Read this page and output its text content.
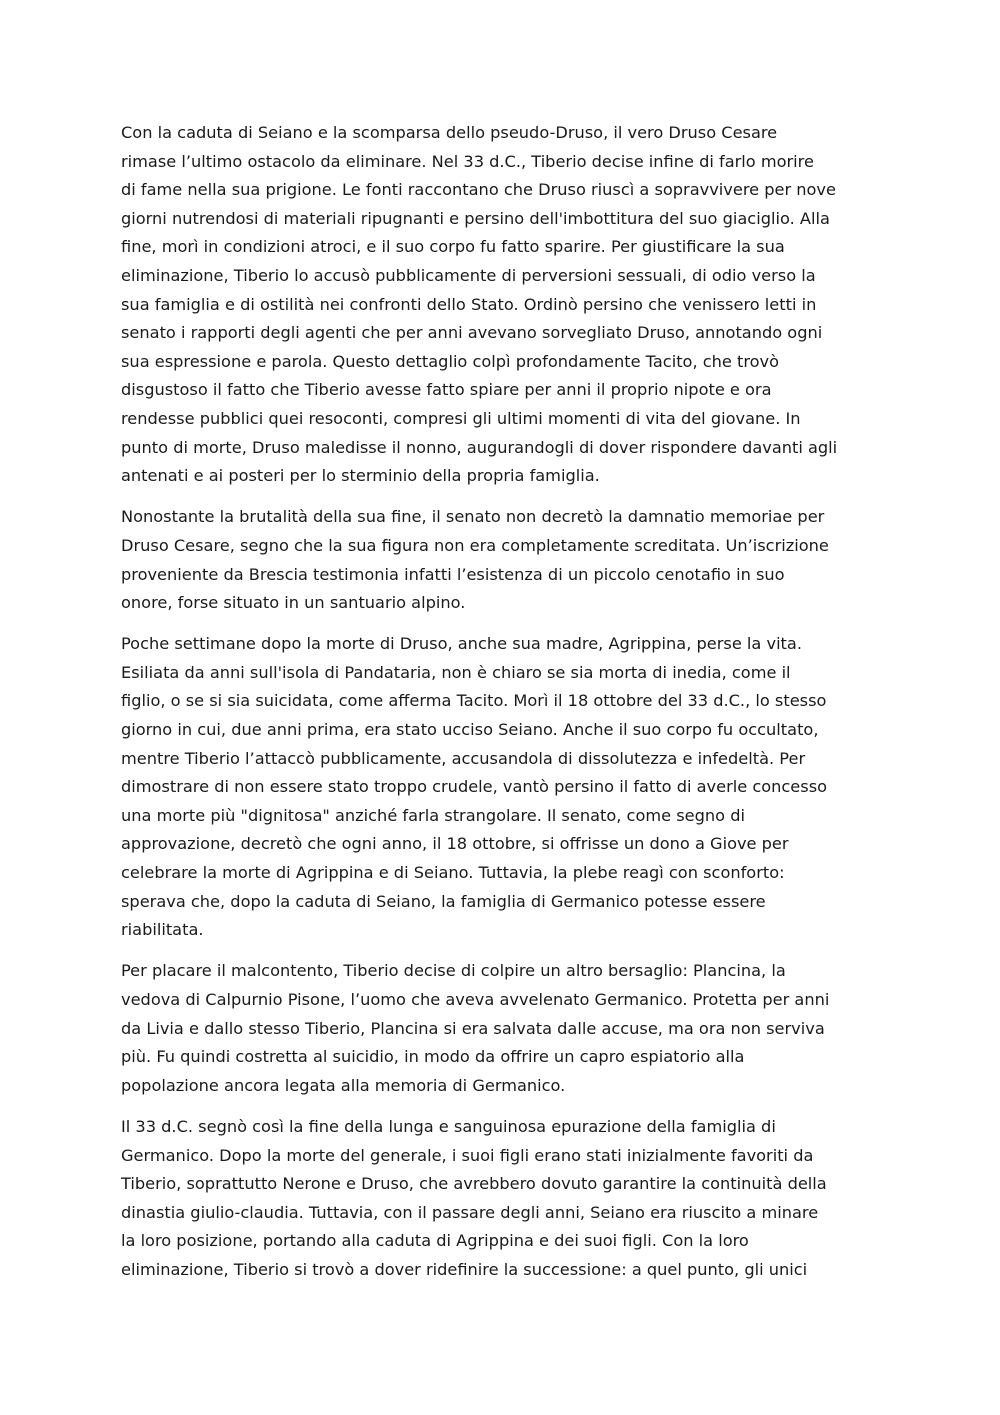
Con la caduta di Seiano e la scomparsa dello pseudo-Druso, il vero Druso Cesare
rimase l’ultimo ostacolo da eliminare. Nel 33 d.C., Tiberio decise infine di farlo morire
di fame nella sua prigione. Le fonti raccontano che Druso riuscì a sopravvivere per nove
giorni nutrendosi di materiali ripugnanti e persino dell'imbottitura del suo giaciglio. Alla
fine, morì in condizioni atroci, e il suo corpo fu fatto sparire. Per giustificare la sua
eliminazione, Tiberio lo accusò pubblicamente di perversioni sessuali, di odio verso la
sua famiglia e di ostilità nei confronti dello Stato. Ordinò persino che venissero letti in
senato i rapporti degli agenti che per anni avevano sorvegliato Druso, annotando ogni
sua espressione e parola. Questo dettaglio colpì profondamente Tacito, che trovò
disgustoso il fatto che Tiberio avesse fatto spiare per anni il proprio nipote e ora
rendesse pubblici quei resoconti, compresi gli ultimi momenti di vita del giovane. In
punto di morte, Druso maledisse il nonno, augurandogli di dover rispondere davanti agli
antenati e ai posteri per lo sterminio della propria famiglia.

Nonostante la brutalità della sua fine, il senato non decretò la damnatio memoriae per
Druso Cesare, segno che la sua figura non era completamente screditata. Un’iscrizione
proveniente da Brescia testimonia infatti l’esistenza di un piccolo cenotafio in suo
onore, forse situato in un santuario alpino.

Poche settimane dopo la morte di Druso, anche sua madre, Agrippina, perse la vita.
Esiliata da anni sull'isola di Pandataria, non è chiaro se sia morta di inedia, come il
figlio, o se si sia suicidata, come afferma Tacito. Morì il 18 ottobre del 33 d.C., lo stesso
giorno in cui, due anni prima, era stato ucciso Seiano. Anche il suo corpo fu occultato,
mentre Tiberio l’attaccò pubblicamente, accusandola di dissolutezza e infedeltà. Per
dimostrare di non essere stato troppo crudele, vantò persino il fatto di averle concesso
una morte più "dignitosa" anziché farla strangolare. Il senato, come segno di
approvazione, decretò che ogni anno, il 18 ottobre, si offrisse un dono a Giove per
celebrare la morte di Agrippina e di Seiano. Tuttavia, la plebe reagì con sconforto:
sperava che, dopo la caduta di Seiano, la famiglia di Germanico potesse essere
riabilitata.

Per placare il malcontento, Tiberio decise di colpire un altro bersaglio: Plancina, la
vedova di Calpurnio Pisone, l’uomo che aveva avvelenato Germanico. Protetta per anni
da Livia e dallo stesso Tiberio, Plancina si era salvata dalle accuse, ma ora non serviva
più. Fu quindi costretta al suicidio, in modo da offrire un capro espiatorio alla
popolazione ancora legata alla memoria di Germanico.

Il 33 d.C. segnò così la fine della lunga e sanguinosa epurazione della famiglia di
Germanico. Dopo la morte del generale, i suoi figli erano stati inizialmente favoriti da
Tiberio, soprattutto Nerone e Druso, che avrebbero dovuto garantire la continuità della
dinastia giulio-claudia. Tuttavia, con il passare degli anni, Seiano era riuscito a minare
la loro posizione, portando alla caduta di Agrippina e dei suoi figli. Con la loro
eliminazione, Tiberio si trovò a dover ridefinire la successione: a quel punto, gli unici
